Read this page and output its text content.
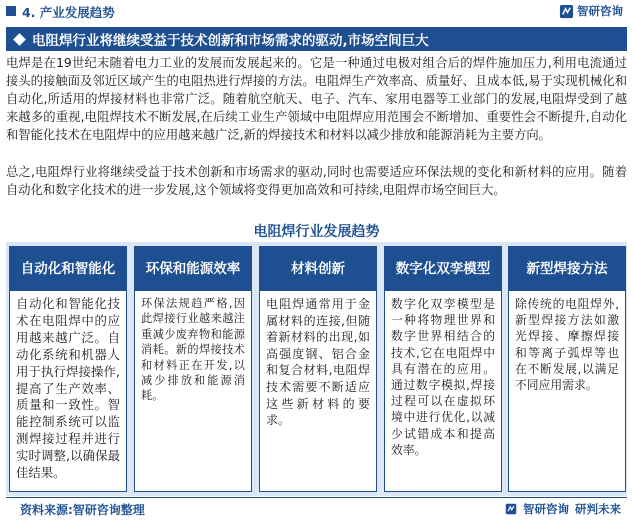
4. 产业发展趋势	智研咨询
电阻焊行业将继续受益于技术创新和市场需求的驱动,市场空间巨大

电焊是在19世纪末随着电力工业的发展而发展起来的。它是一种通过电极对组合后的焊件施加压力,利用电流通过接头的接触面及邻近区域产生的电阻热进行焊接的方法。电阻焊生产效率高、质量好、且成本低,易于实现机械化和自动化,所适用的焊接材料也非常广泛。随着航空航天、电子、汽车、家用电器等工业部门的发展,电阻焊受到了越来越多的重视,电阻焊技术不断发展,在后续工业生产领域中电阻焊应用范围会不断增加、重要性会不断提升,自动化和智能化技术在电阻焊中的应用越来越广泛,新的焊接技术和材料以减少排放和能源消耗为主要方向。

总之,电阻焊行业将继续受益于技术创新和市场需求的驱动,同时也需要适应环保法规的变化和新材料的应用。随着自动化和数字化技术的进一步发展,这个领域将变得更加高效和可持续,电阻焊市场空间巨大。

电阻焊行业发展趋势
自动化和智能化
自动化和智能化技术在电阻焊中的应用越来越广泛。自动化系统和机器人用于执行焊接操作,提高了生产效率、质量和一致性。智能控制系统可以监测焊接过程并进行实时调整,以确保最佳结果。
环保和能源效率
环保法规趋严格,因此焊接行业越来越注重减少废弃物和能源消耗。新的焊接技术和材料正在开发,以减少排放和能源消耗。
材料创新
电阻焊通常用于金属材料的连接,但随着新材料的出现,如高强度钢、铝合金和复合材料,电阻焊技术需要不断适应这些新材料的要求。
数字化双孪模型
数字化双孪模型是一种将物理世界和数字世界相结合的技术,它在电阻焊中具有潜在的应用。通过数字模拟,焊接过程可以在虚拟环境中进行优化,以减少试错成本和提高效率。
新型焊接方法
除传统的电阻焊外,新型焊接方法如激光焊接、摩擦焊接和等离子弧焊等也在不断发展,以满足不同应用需求。
资料来源:智研咨询整理	智研咨询 研判未来
